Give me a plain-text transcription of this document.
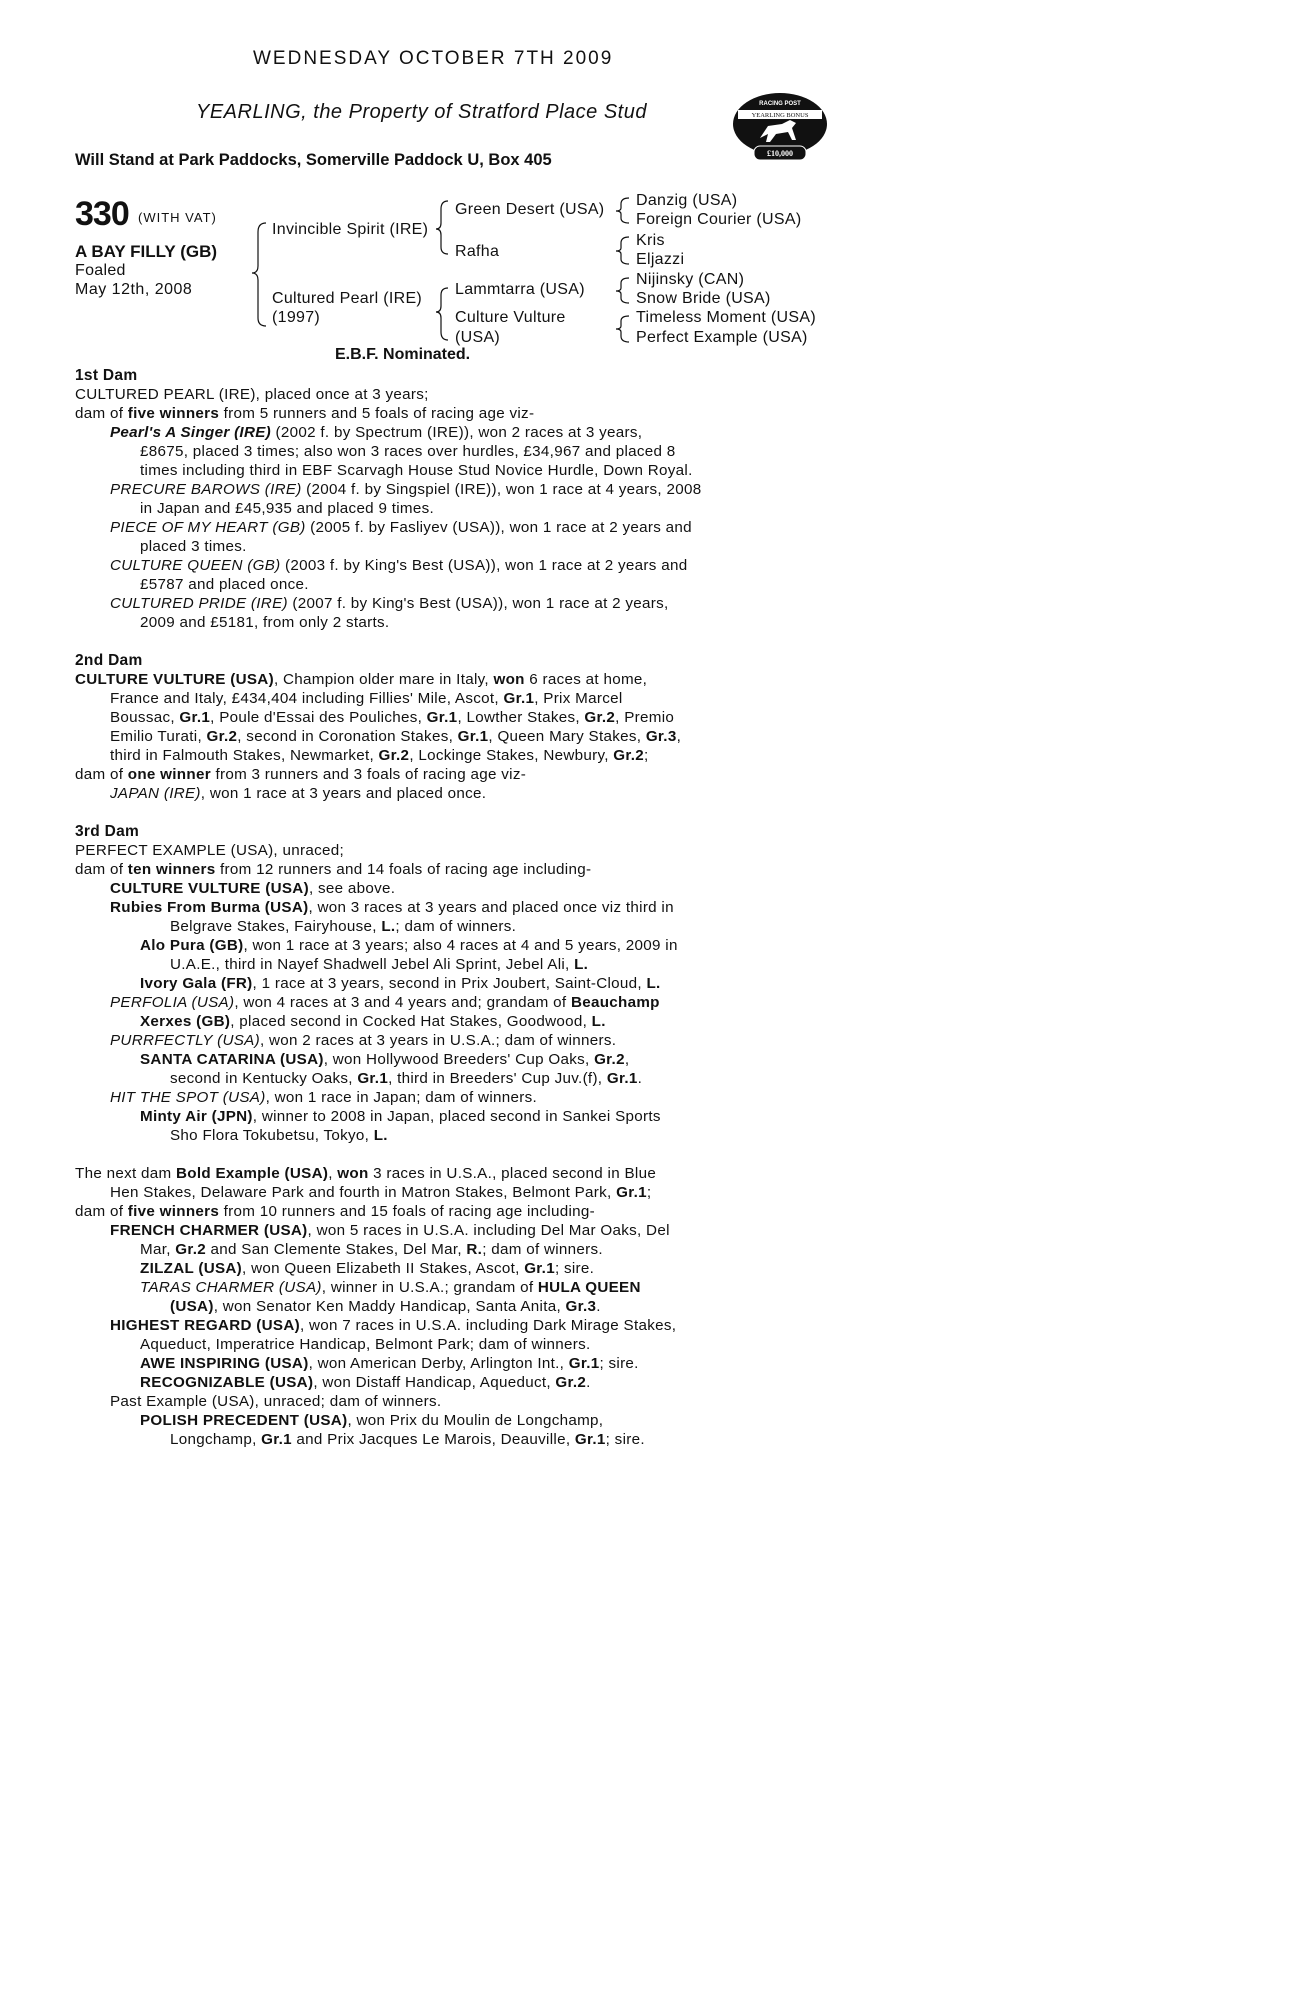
WEDNESDAY OCTOBER 7TH 2009
YEARLING, the Property of Stratford Place Stud
Will Stand at Park Paddocks, Somerville Paddock U, Box 405
RACING POST
YEARLING BONUS
£10,000
330 (WITH VAT)
A BAY FILLY (GB)
Foaled
May 12th, 2008
Invincible Spirit (IRE)
Cultured Pearl (IRE)
(1997)
Green Desert (USA)
Rafha
Lammtarra (USA)
Culture Vulture
(USA)
Danzig (USA)
Foreign Courier (USA)
Kris
Eljazzi
Nijinsky (CAN)
Snow Bride (USA)
Timeless Moment (USA)
Perfect Example (USA)
E.B.F. Nominated.
1st Dam
CULTURED PEARL (IRE), placed once at 3 years;
dam of five winners from 5 runners and 5 foals of racing age viz-
Pearl's A Singer (IRE) (2002 f. by Spectrum (IRE)), won 2 races at 3 years,
£8675, placed 3 times; also won 3 races over hurdles, £34,967 and placed 8
times including third in EBF Scarvagh House Stud Novice Hurdle, Down Royal.
PRECURE BAROWS (IRE) (2004 f. by Singspiel (IRE)), won 1 race at 4 years, 2008
in Japan and £45,935 and placed 9 times.
PIECE OF MY HEART (GB) (2005 f. by Fasliyev (USA)), won 1 race at 2 years and
placed 3 times.
CULTURE QUEEN (GB) (2003 f. by King's Best (USA)), won 1 race at 2 years and
£5787 and placed once.
CULTURED PRIDE (IRE) (2007 f. by King's Best (USA)), won 1 race at 2 years,
2009 and £5181, from only 2 starts.
2nd Dam
CULTURE VULTURE (USA), Champion older mare in Italy, won 6 races at home,
France and Italy, £434,404 including Fillies' Mile, Ascot, Gr.1, Prix Marcel
Boussac, Gr.1, Poule d'Essai des Pouliches, Gr.1, Lowther Stakes, Gr.2, Premio
Emilio Turati, Gr.2, second in Coronation Stakes, Gr.1, Queen Mary Stakes, Gr.3,
third in Falmouth Stakes, Newmarket, Gr.2, Lockinge Stakes, Newbury, Gr.2;
dam of one winner from 3 runners and 3 foals of racing age viz-
JAPAN (IRE), won 1 race at 3 years and placed once.
3rd Dam
PERFECT EXAMPLE (USA), unraced;
dam of ten winners from 12 runners and 14 foals of racing age including-
CULTURE VULTURE (USA), see above.
Rubies From Burma (USA), won 3 races at 3 years and placed once viz third in
Belgrave Stakes, Fairyhouse, L.; dam of winners.
Alo Pura (GB), won 1 race at 3 years; also 4 races at 4 and 5 years, 2009 in
U.A.E., third in Nayef Shadwell Jebel Ali Sprint, Jebel Ali, L.
Ivory Gala (FR), 1 race at 3 years, second in Prix Joubert, Saint-Cloud, L.
PERFOLIA (USA), won 4 races at 3 and 4 years and; grandam of Beauchamp
Xerxes (GB), placed second in Cocked Hat Stakes, Goodwood, L.
PURRFECTLY (USA), won 2 races at 3 years in U.S.A.; dam of winners.
SANTA CATARINA (USA), won Hollywood Breeders' Cup Oaks, Gr.2,
second in Kentucky Oaks, Gr.1, third in Breeders' Cup Juv.(f), Gr.1.
HIT THE SPOT (USA), won 1 race in Japan; dam of winners.
Minty Air (JPN), winner to 2008 in Japan, placed second in Sankei Sports
Sho Flora Tokubetsu, Tokyo, L.
The next dam Bold Example (USA), won 3 races in U.S.A., placed second in Blue
Hen Stakes, Delaware Park and fourth in Matron Stakes, Belmont Park, Gr.1;
dam of five winners from 10 runners and 15 foals of racing age including-
FRENCH CHARMER (USA), won 5 races in U.S.A. including Del Mar Oaks, Del
Mar, Gr.2 and San Clemente Stakes, Del Mar, R.; dam of winners.
ZILZAL (USA), won Queen Elizabeth II Stakes, Ascot, Gr.1; sire.
TARAS CHARMER (USA), winner in U.S.A.; grandam of HULA QUEEN
(USA), won Senator Ken Maddy Handicap, Santa Anita, Gr.3.
HIGHEST REGARD (USA), won 7 races in U.S.A. including Dark Mirage Stakes,
Aqueduct, Imperatrice Handicap, Belmont Park; dam of winners.
AWE INSPIRING (USA), won American Derby, Arlington Int., Gr.1; sire.
RECOGNIZABLE (USA), won Distaff Handicap, Aqueduct, Gr.2.
Past Example (USA), unraced; dam of winners.
POLISH PRECEDENT (USA), won Prix du Moulin de Longchamp,
Longchamp, Gr.1 and Prix Jacques Le Marois, Deauville, Gr.1; sire.
